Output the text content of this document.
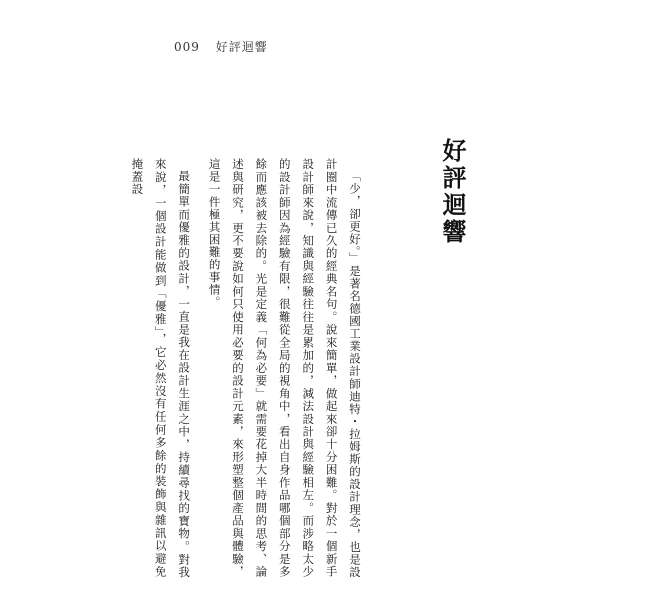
009 好評迴響
好評迴響

「少，卻更好。」是著名德國工業設計師迪特・拉姆斯的設計理念，也是設計圈中流傳已久的經典名句。說來簡單，做起來卻十分困難。對於一個新手設計師來說，知識與經驗往往是累加的，減法設計與經驗相左。而涉略太少的設計師因為經驗有限，很難從全局的視角中，看出自身作品哪個部分是多餘而應該被去除的。光是定義「何為必要」就需要花掉大半時間的思考、論述與研究，更不要說如何只使用必要的設計元素，來形塑整個產品與體驗，這是一件極其困難的事情。

最簡單而優雅的設計，一直是我在設計生涯之中，持續尋找的寶物。對我來說，一個設計能做到「優雅」，它必然沒有任何多餘的裝飾與雜訊以避免掩蓋設
